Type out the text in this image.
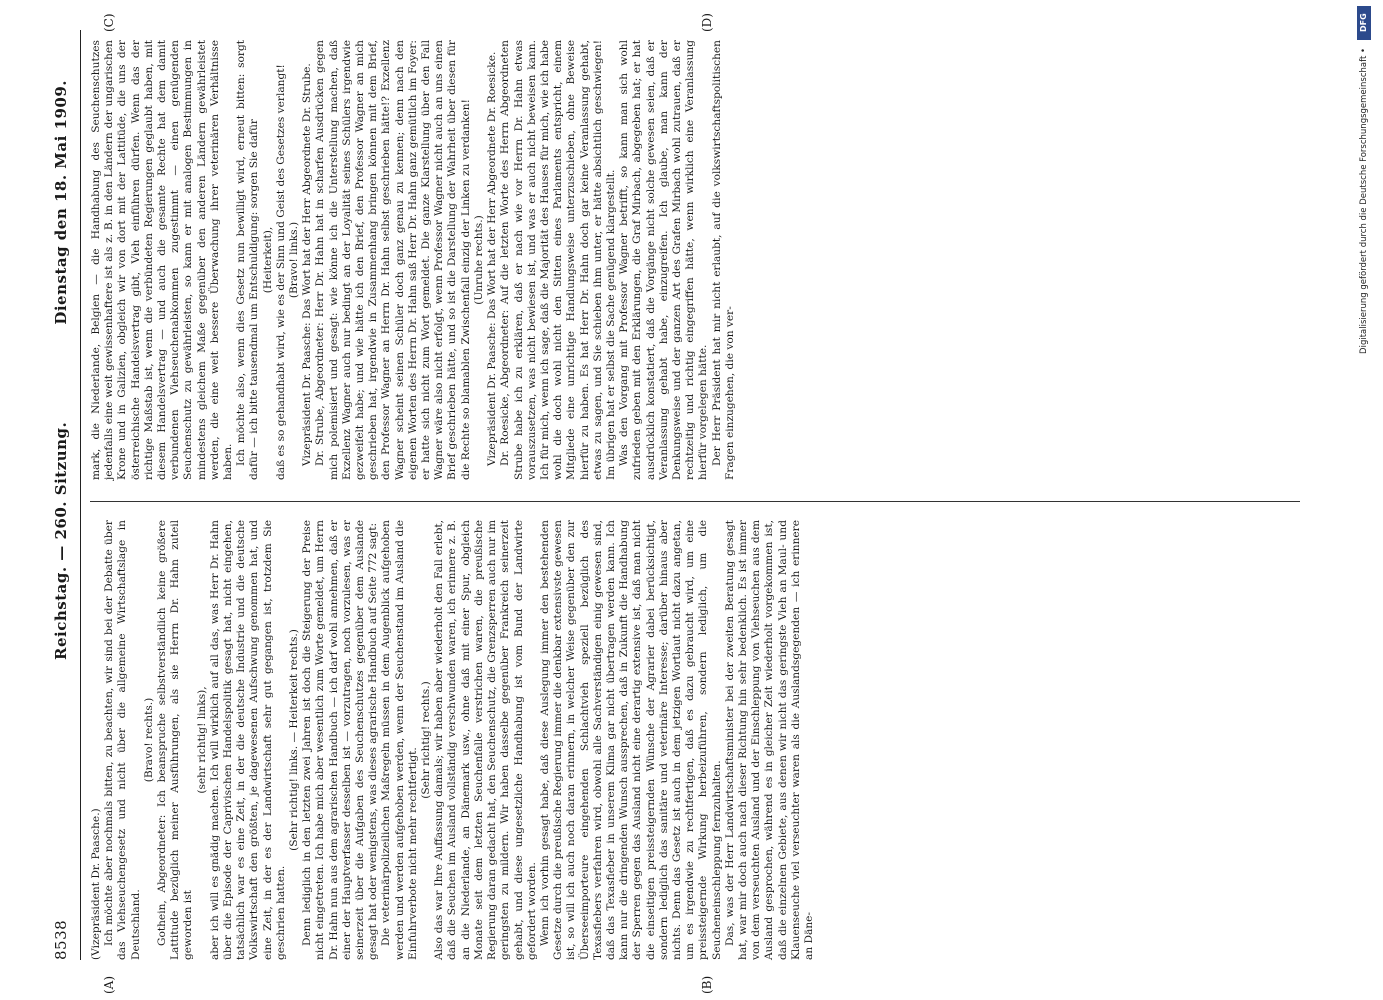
8538
Reichstag. — 260. Sitzung.
Dienstag den 18. Mai 1909.
(A)	(B)
(C)	(D)

(Vizepräsident Dr. Paasche.) Ich möchte aber nochmals bitten, zu beachten, wir sind bei der Debatte über das Viehseuchengesetz und nicht über die allgemeine Wirtschaftslage in Deutschland.

(Bravo! rechts.) Gothein, Abgeordneter: Ich beanspruche selbstverständlich keine größere Lattitude bezüglich meiner Ausführungen, als sie Herrn Dr. Hahn zuteil geworden ist

(sehr richtig! links), aber ich will es gnädig machen. Ich will wirklich auf all das, was Herr Dr. Hahn über die Episode der Caprivischen Handelspolitik gesagt hat, nicht eingehen, tatsächlich war es eine Zeit, in der die deutsche Industrie und die deutsche Volkswirtschaft den größten, je dagewesenen Aufschwung genommen hat, und eine Zeit, in der es der Landwirtschaft sehr gut gegangen ist, trotzdem Sie geschrien hatten.

(Sehr richtig! links. — Heiterkeit rechts.) Denn lediglich in den letzten zwei Jahren ist doch die Steigerung der Preise nicht eingetreten. Ich habe mich aber wesentlich zum Worte gemeldet, um Herrn Dr. Hahn nun aus dem agrarischen Handbuch — ich darf wohl annehmen, daß er einer der Hauptverfasser desselben ist — vorzutragen, noch vorzulesen, was er seinerzeit über die Aufgaben des Seuchenschutzes gegenüber dem Auslande gesagt hat oder wenigstens, was dieses agrarische Handbuch auf Seite 772 sagt: Die veterinärpolizeilichen Maßregeln müssen in dem Augenblick aufgehoben werden und werden aufgehoben werden, wenn der Seuchenstand im Ausland die Einfuhrverbote nicht mehr rechtfertigt.

(Sehr richtig! rechts.) Also das war Ihre Auffassung damals; wir haben aber wiederholt den Fall erlebt, daß die Seuchen im Ausland vollständig verschwunden waren, ich erinnere z. B. an die Niederlande, an Dänemark usw., ohne daß mit einer Spur, obgleich Monate seit dem letzten Seuchenfalle verstrichen waren, die preußische Regierung daran gedacht hat, den Seuchenschutz, die Grenzsperren auch nur im geringsten zu mildern. Wir haben dasselbe gegenüber Frankreich seinerzeit gehabt, und diese ungesetzliche Handhabung ist vom Bund der Landwirte gefordert worden. Wenn ich vorhin gesagt habe, daß diese Auslegung immer den bestehenden Gesetze durch die preußische Regierung immer die denkbar extensivste gewesen ist, so will ich auch noch daran erinnern, in welcher Weise gegenüber den zur Überseeimporteure eingehenden Schlachtvieh speziell bezüglich des Texasfiebers verfahren wird, obwohl alle Sachverständigen einig gewesen sind, daß das Texasfieber in unserem Klima gar nicht übertragen werden kann. Ich kann nur die dringenden Wunsch aussprechen, daß in Zukunft die Handhabung der Sperren gegen das Ausland nicht eine derartig extensive ist, daß man nicht die einseitigen preissteigernden Wünsche der Agrarier dabei berücksichtigt, sondern lediglich das sanitäre und veterinäre Interesse; darüber hinaus aber nichts. Denn das Gesetz ist auch in dem jetzigen Wortlaut nicht dazu angetan, um es irgendwie zu rechtfertigen, daß es dazu gebraucht wird, um eine preissteigernde Wirkung herbeizuführen, sondern lediglich, um die Seucheneinschleppung fernzuhalten. Das, was der Herr Landwirtschaftsminister bei der zweiten Beratung gesagt hat, war mir doch auch nach dieser Richtung hin sehr bedenklich. Es ist immer von dem verseuchten Ausland und der Einschleppung von Viehseuchen aus dem Ausland gesprochen, während es in gleicher Zeit wiederholt vorgekommen ist, daß die einzelnen Gebiete, aus denen wir nicht das geringste Vieh an Maul- und Klauenseuche viel verseuchter waren als die Auslandsgegenden — ich erinnere an Däne-

mark, die Niederlande, Belgien — die Handhabung des Seuchenschutzes jedenfalls eine weit gewissenhaftere ist als z. B. in den Ländern der ungarischen Krone und in Galizien, obgleich wir von dort mit der Lattitüde, die uns der österreichische Handelsvertrag gibt, Vieh einführen dürfen. Wenn das der richtige Maßstab ist, wenn die verbündeten Regierungen geglaubt haben, mit diesem Handelsvertrag — und auch die gesamte Rechte hat dem damit verbundenen Viehseuchenabkommen zugestimmt — einen genügenden Seuchenschutz zu gewährleisten, so kann er mit analogen Bestimmungen in mindestens gleichem Maße gegenüber den anderen Ländern gewährleistet werden, die eine weit bessere Überwachung ihrer veterinären Verhältnisse haben. Ich möchte also, wenn dies Gesetz nun bewilligt wird, erneut bitten: sorgt dafür — ich bitte tausendmal um Entschuldigung: sorgen Sie dafür (Heiterkeit), daß es so gehandhabt wird, wie es der Sinn und Geist des Gesetzes verlangt! (Bravo! links.) Vizepräsident Dr. Paasche: Das Wort hat der Herr Abgeordnete Dr. Strube. Dr. Strube, Abgeordneter: Herr Dr. Hahn hat in scharfen Ausdrücken gegen mich polemisiert und gesagt: wie könne ich die Unterstellung machen, daß Exzellenz Wagner auch nur bedingt an der Loyalität seines Schülers irgendwie gezweifelt habe; und wie hätte ich den Brief, den Professor Wagner an mich geschrieben hat, irgendwie in Zusammenhang bringen können mit dem Brief, den Professor Wagner an Herrn Dr. Hahn selbst geschrieben hätte!? Exzellenz Wagner scheint seinen Schüler doch ganz genau zu kennen; denn nach den eigenen Worten des Herrn Dr. Hahn saß Herr Dr. Hahn ganz gemütlich im Foyer: er hatte sich nicht zum Wort gemeldet. Die ganze Klarstellung über den Fall Wagner wäre also nicht erfolgt, wenn Professor Wagner nicht auch an uns einen Brief geschrieben hätte, und so ist die Darstellung der Wahrheit über diesen für die Rechte so blamablen Zwischenfall einzig der Linken zu verdanken! (Unruhe rechts.) Vizepräsident Dr. Paasche: Das Wort hat der Herr Abgeordnete Dr. Roesicke. Dr. Roesicke, Abgeordneter: Auf die letzten Worte des Herrn Abgeordneten Strube habe ich zu erklären, daß er nach wie vor Herrn Dr. Hahn etwas vorauszusetzen, was nicht bewiesen ist, und was er auch nicht beweisen kann. Ich für mich, wenn ich sage, daß die Majorität des Hauses für mich, wie ich habe wohl die doch wohl nicht den Sitten eines Parlaments entspricht, einem Mitgliede eine unrichtige Handlungsweise unterzuschieben, ohne Beweise hierfür zu haben. Es hat Herr Dr. Hahn doch gar keine Veranlassung gehabt, etwas zu sagen, und Sie schieben ihm unter, er hätte absichtlich geschwiegen! Im übrigen hat er selbst die Sache genügend klargestellt. Was den Vorgang mit Professor Wagner betrifft, so kann man sich wohl zufrieden geben mit den Erklärungen, die Graf Mirbach, abgegeben hat; er hat ausdrücklich konstatiert, daß die Vorgänge nicht solche gewesen seien, daß er Veranlassung gehabt habe, einzugreifen. Ich glaube, man kann der Denkungsweise und der ganzen Art des Grafen Mirbach wohl zutrauen, daß er rechtzeitig und richtig eingegriffen hätte, wenn wirklich eine Veranlassung hierfür vorgelegen hätte. Der Herr Präsident hat mir nicht erlaubt, auf die volkswirtschaftspolitischen Fragen einzugehen, die von ver-

DFG
Digitalisierung gefördert durch die Deutsche Forschungsgemeinschaft •
